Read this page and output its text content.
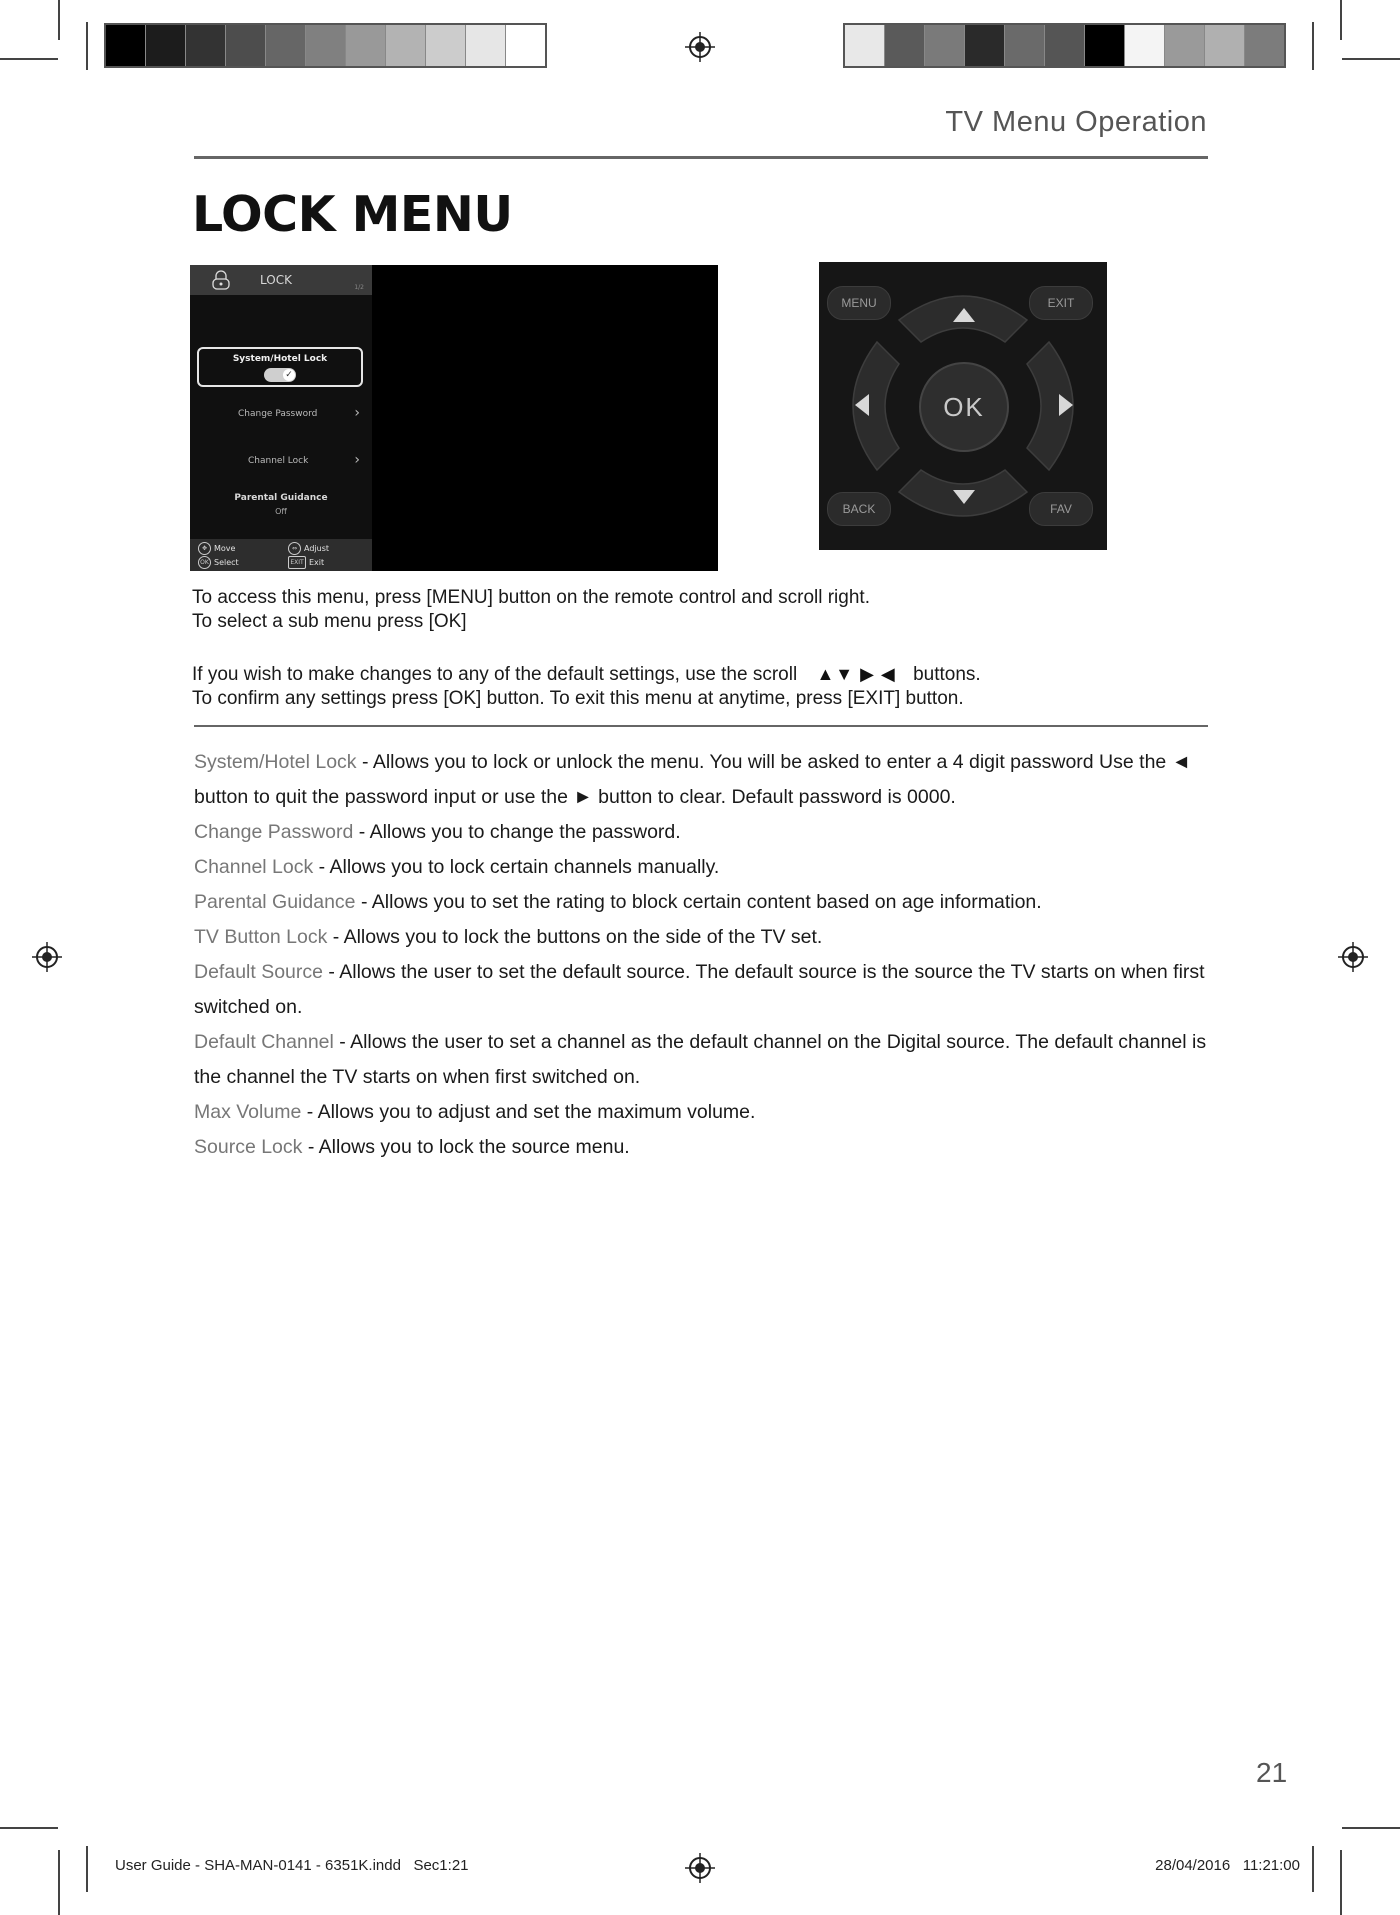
TV Menu Operation
LOCK MENU
LOCK	1/2
System/Hotel Lock
✓
Change Password	›
Channel Lock	›
Parental Guidance
Off
✥ Move	⇔ Adjust
OK Select	EXIT Exit
OK
MENU	EXIT
BACK	FAV
To access this menu, press [MENU] button on the remote control and scroll right.
To select a sub menu press [OK]
If you wish to make changes to any of the default settings, use the scroll ▲▼ ▶ ◀ buttons.
To confirm any settings press [OK] button. To exit this menu at anytime, press [EXIT] button.
System/Hotel Lock - Allows you to lock or unlock the menu. You will be asked to enter a 4 digit password Use the ◄ button to quit the password input or use the ► button to clear. Default password is 0000.
Change Password - Allows you to change the password.
Channel Lock - Allows you to lock certain channels manually.
Parental Guidance - Allows you to set the rating to block certain content based on age information.
TV Button Lock - Allows you to lock the buttons on the side of the TV set.
Default Source - Allows the user to set the default source. The default source is the source the TV starts on when first switched on.
Default Channel - Allows the user to set a channel as the default channel on the Digital source. The default channel is the channel the TV starts on when first switched on.
Max Volume - Allows you to adjust and set the maximum volume.
Source Lock - Allows you to lock the source menu.
21
User Guide - SHA-MAN-0141 - 6351K.indd   Sec1:21	28/04/2016   11:21:00
